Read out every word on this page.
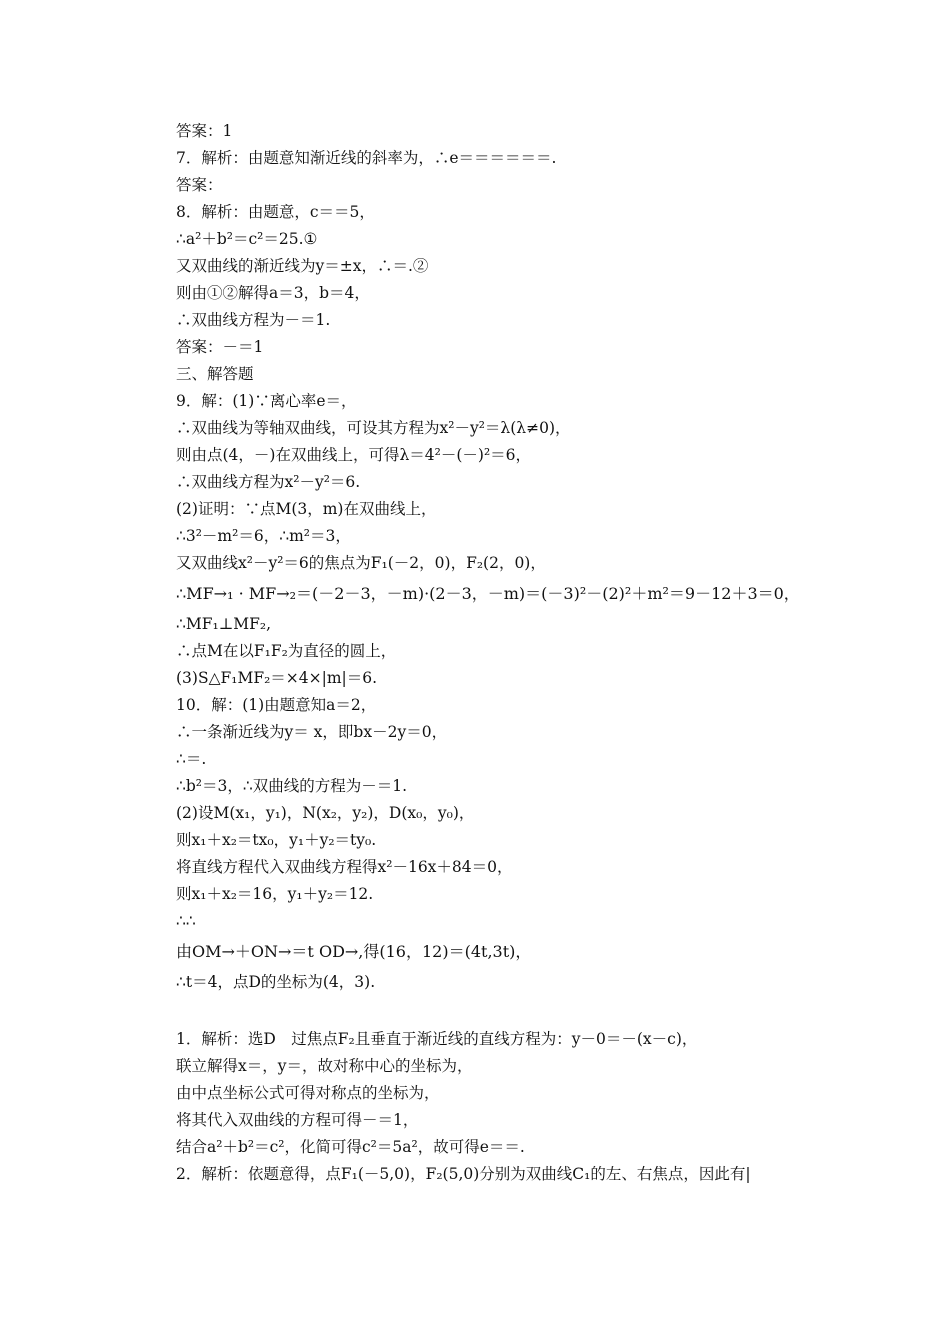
答案：1
7．解析：由题意知渐近线的斜率为，∴e＝＝＝＝＝＝.
答案：
8．解析：由题意，c＝＝5，
∴a²＋b²＝c²＝25.①
又双曲线的渐近线为y＝±x，∴＝.②
则由①②解得a＝3，b＝4，
∴双曲线方程为－＝1.
答案：－＝1
三、解答题
9．解：(1)∵离心率e＝，
∴双曲线为等轴双曲线，可设其方程为x²－y²＝λ(λ≠0)，
则由点(4，－)在双曲线上，可得λ＝4²－(－)²＝6，
∴双曲线方程为x²－y²＝6.
(2)证明：∵点M(3，m)在双曲线上，
∴3²－m²＝6，∴m²＝3，
又双曲线x²－y²＝6的焦点为F₁(－2，0)，F₂(2，0)，
∴MF→₁ · MF→₂＝(－2－3，－m)·(2－3，－m)＝(－3)²－(2)²＋m²＝9－12＋3＝0，
∴MF₁⊥MF₂,
∴点M在以F₁F₂为直径的圆上，
(3)S△F₁MF₂＝×4×|m|＝6.
10．解：(1)由题意知a＝2，
∴一条渐近线为y＝ x，即bx－2y＝0，
∴＝.
∴b²＝3，∴双曲线的方程为－＝1.
(2)设M(x₁，y₁)，N(x₂，y₂)，D(x₀，y₀)，
则x₁＋x₂＝tx₀，y₁＋y₂＝ty₀.
将直线方程代入双曲线方程得x²－16x＋84＝0，
则x₁＋x₂＝16，y₁＋y₂＝12.
∴∴
由OM→＋ON→＝t OD→,得(16，12)＝(4t,3t)，
∴t＝4，点D的坐标为(4，3).
1．解析：选D　过焦点F₂且垂直于渐近线的直线方程为：y－0＝－(x－c)，
联立解得x＝，y＝，故对称中心的坐标为，
由中点坐标公式可得对称点的坐标为，
将其代入双曲线的方程可得－＝1，
结合a²＋b²＝c²，化简可得c²＝5a²，故可得e＝＝.
2．解析：依题意得，点F₁(－5,0)，F₂(5,0)分别为双曲线C₁的左、右焦点，因此有|
